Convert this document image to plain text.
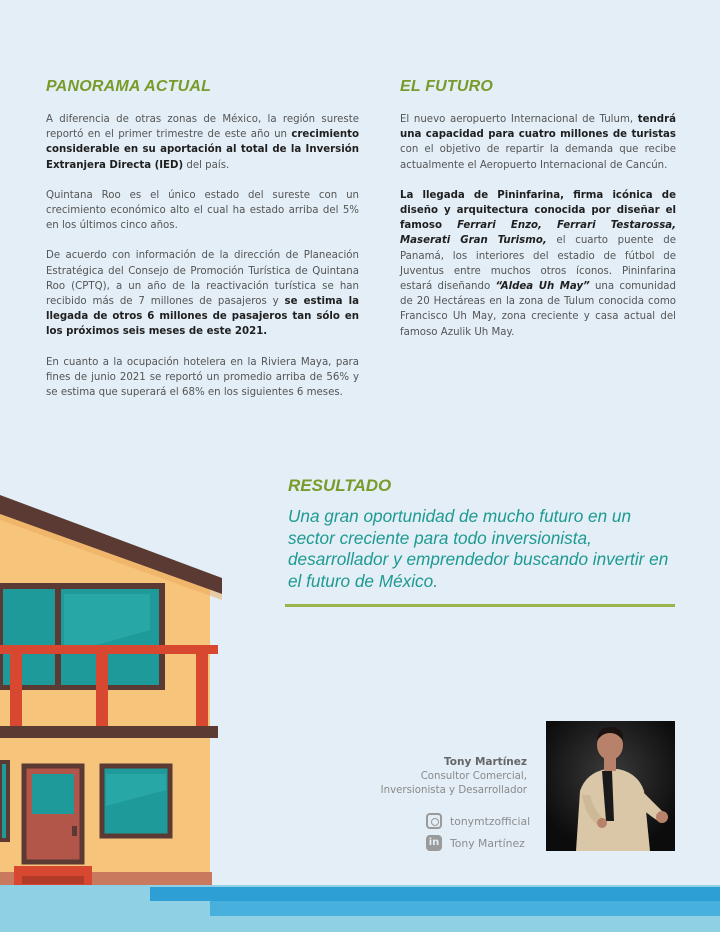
PANORAMA ACTUAL

A diferencia de otras zonas de México, la región sureste reportó en el primer trimestre de este año un crecimiento considerable en su aportación al total de la Inversión Extranjera Directa (IED) del país.

Quintana Roo es el único estado del sureste con un crecimiento económico alto el cual ha estado arriba del 5% en los últimos cinco años.

De acuerdo con información de la dirección de Planeación Estratégica del Consejo de Promoción Turística de Quintana Roo (CPTQ), a un año de la reactivación turística se han recibido más de 7 millones de pasajeros y se estima la llegada de otros 6 millones de pasajeros tan sólo en los próximos seis meses de este 2021.

En cuanto a la ocupación hotelera en la Riviera Maya, para fines de junio 2021 se reportó un promedio arriba de 56% y se estima que superará el 68% en los siguientes 6 meses.

EL FUTURO

El nuevo aeropuerto Internacional de Tulum, tendrá una capacidad para cuatro millones de turistas con el objetivo de repartir la demanda que recibe actualmente el Aeropuerto Internacional de Cancún.

La llegada de Pininfarina, firma icónica de diseño y arquitectura conocida por diseñar el famoso Ferrari Enzo, Ferrari Testarossa, Maserati Gran Turismo, el cuarto puente de Panamá, los interiores del estadio de fútbol de Juventus entre muchos otros íconos. Pininfarina estará diseñando “Aldea Uh May” una comunidad de 20 Hectáreas en la zona de Tulum conocida como Francisco Uh May, zona creciente y casa actual del famoso Azulik Uh May.

RESULTADO

Una gran oportunidad de mucho futuro en un sector creciente para todo inversionista, desarrollador y emprendedor buscando invertir en el futuro de México.

Tony Martínez
Consultor Comercial,
Inversionista y Desarrollador
tonymtzofficial
in Tony Martínez
